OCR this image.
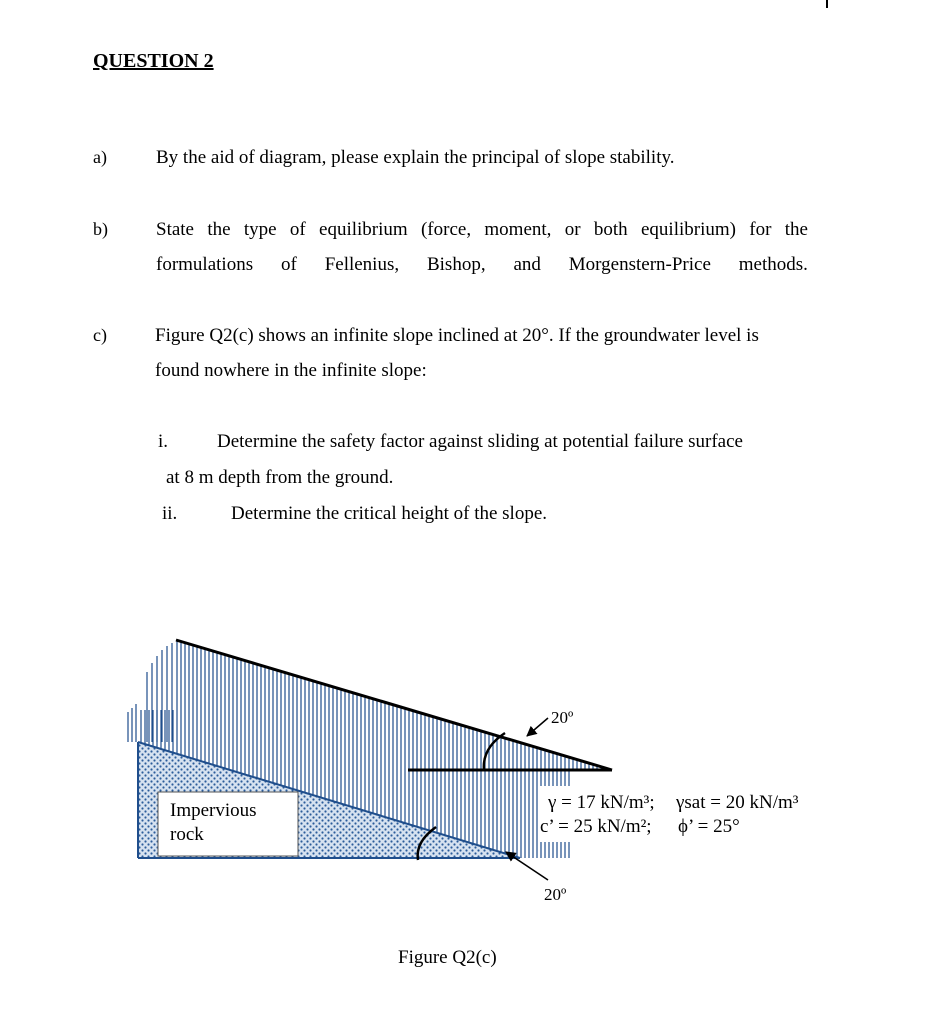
QUESTION 2
a)	By the aid of diagram, please explain the principal of slope stability.
b)	State the type of equilibrium (force, moment, or both equilibrium) for the
formulations of Fellenius, Bishop, and Morgenstern-Price methods.
c)	Figure Q2(c) shows an infinite slope inclined at 20°. If the groundwater level is
found nowhere in the infinite slope:
i.	Determine the safety factor against sliding at potential failure surface
at 8 m depth from the ground.
ii.	Determine the critical height of the slope.
Impervious
rock
20º
20º
γ = 17 kN/m³; γsat = 20 kN/m³
c’ = 25 kN/m²; ϕ’ = 25°
Figure Q2(c)
